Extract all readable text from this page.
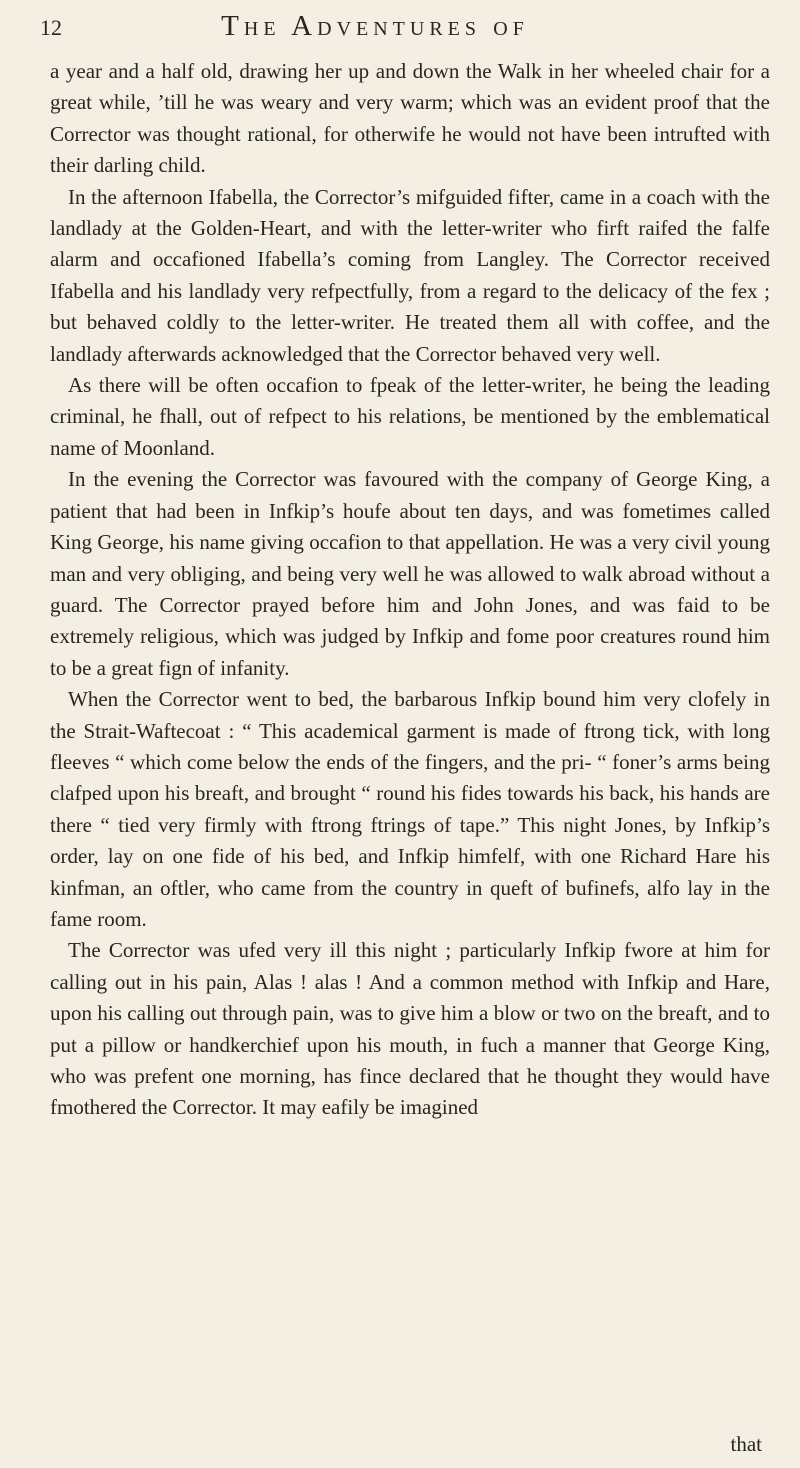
12	The Adventures of

a year and a half old, drawing her up and down the Walk in her wheeled chair for a great while, ’till he was weary and very warm; which was an evident proof that the Corrector was thought rational, for otherwife he would not have been intrufted with their darling child.

In the afternoon Ifabella, the Corrector’s mifguided fifter, came in a coach with the landlady at the Golden-Heart, and with the letter-writer who firft raifed the falfe alarm and occafioned Ifabella’s coming from Langley. The Corrector received Ifabella and his landlady very refpectfully, from a regard to the delicacy of the fex ; but behaved coldly to the letter-writer. He treated them all with coffee, and the landlady afterwards acknowledged that the Corrector behaved very well.

As there will be often occafion to fpeak of the letter-writer, he being the leading criminal, he fhall, out of refpect to his relations, be mentioned by the emblematical name of Moonland.

In the evening the Corrector was favoured with the company of George King, a patient that had been in Infkip’s houfe about ten days, and was fometimes called King George, his name giving occafion to that appellation. He was a very civil young man and very obliging, and being very well he was allowed to walk abroad without a guard. The Corrector prayed before him and John Jones, and was faid to be extremely religious, which was judged by Infkip and fome poor creatures round him to be a great fign of infanity.

When the Corrector went to bed, the barbarous Infkip bound him very clofely in the Strait-Waftecoat : “ This academical garment is made of ftrong tick, with long fleeves “ which come below the ends of the fingers, and the pri- “ foner’s arms being clafped upon his breaft, and brought “ round his fides towards his back, his hands are there “ tied very firmly with ftrong ftrings of tape.” This night Jones, by Infkip’s order, lay on one fide of his bed, and Infkip himfelf, with one Richard Hare his kinfman, an oftler, who came from the country in queft of bufinefs, alfo lay in the fame room.

The Corrector was ufed very ill this night ; particularly Infkip fwore at him for calling out in his pain, Alas ! alas ! And a common method with Infkip and Hare, upon his calling out through pain, was to give him a blow or two on the breaft, and to put a pillow or handkerchief upon his mouth, in fuch a manner that George King, who was prefent one morning, has fince declared that he thought they would have fmothered the Corrector. It may eafily be imagined

that
